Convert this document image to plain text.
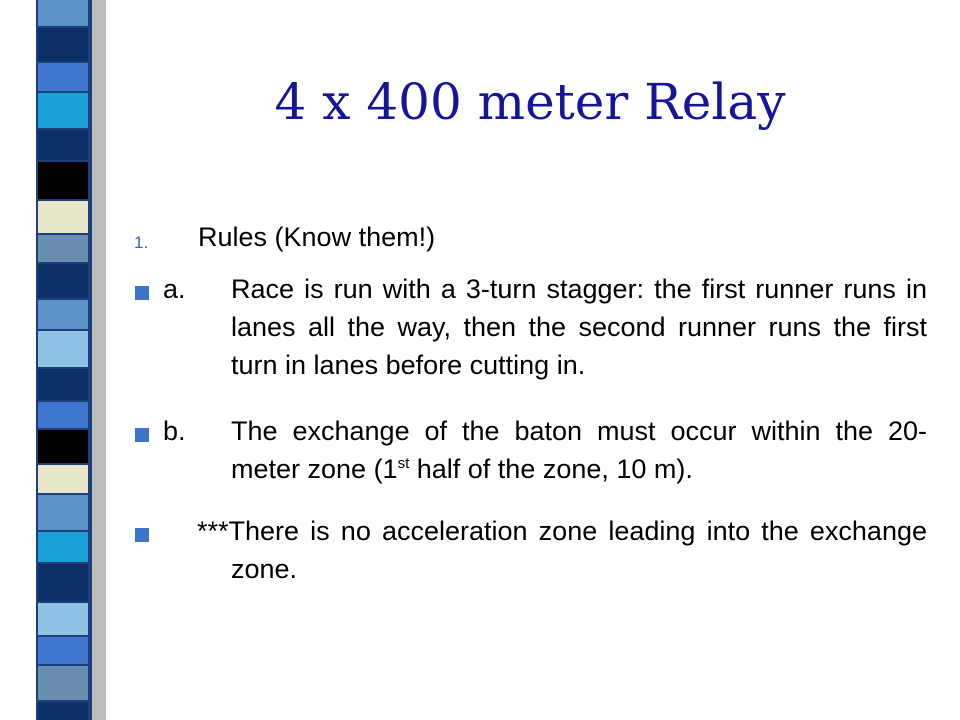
4 x 400 meter Relay
1. Rules (Know them!)
a. Race is run with a 3-turn stagger: the first runner runs in lanes all the way, then the second runner runs the first turn in lanes before cutting in.
b. The exchange of the baton must occur within the 20-meter zone (1st half of the zone, 10 m).
***There is no acceleration zone leading into the exchange zone.
